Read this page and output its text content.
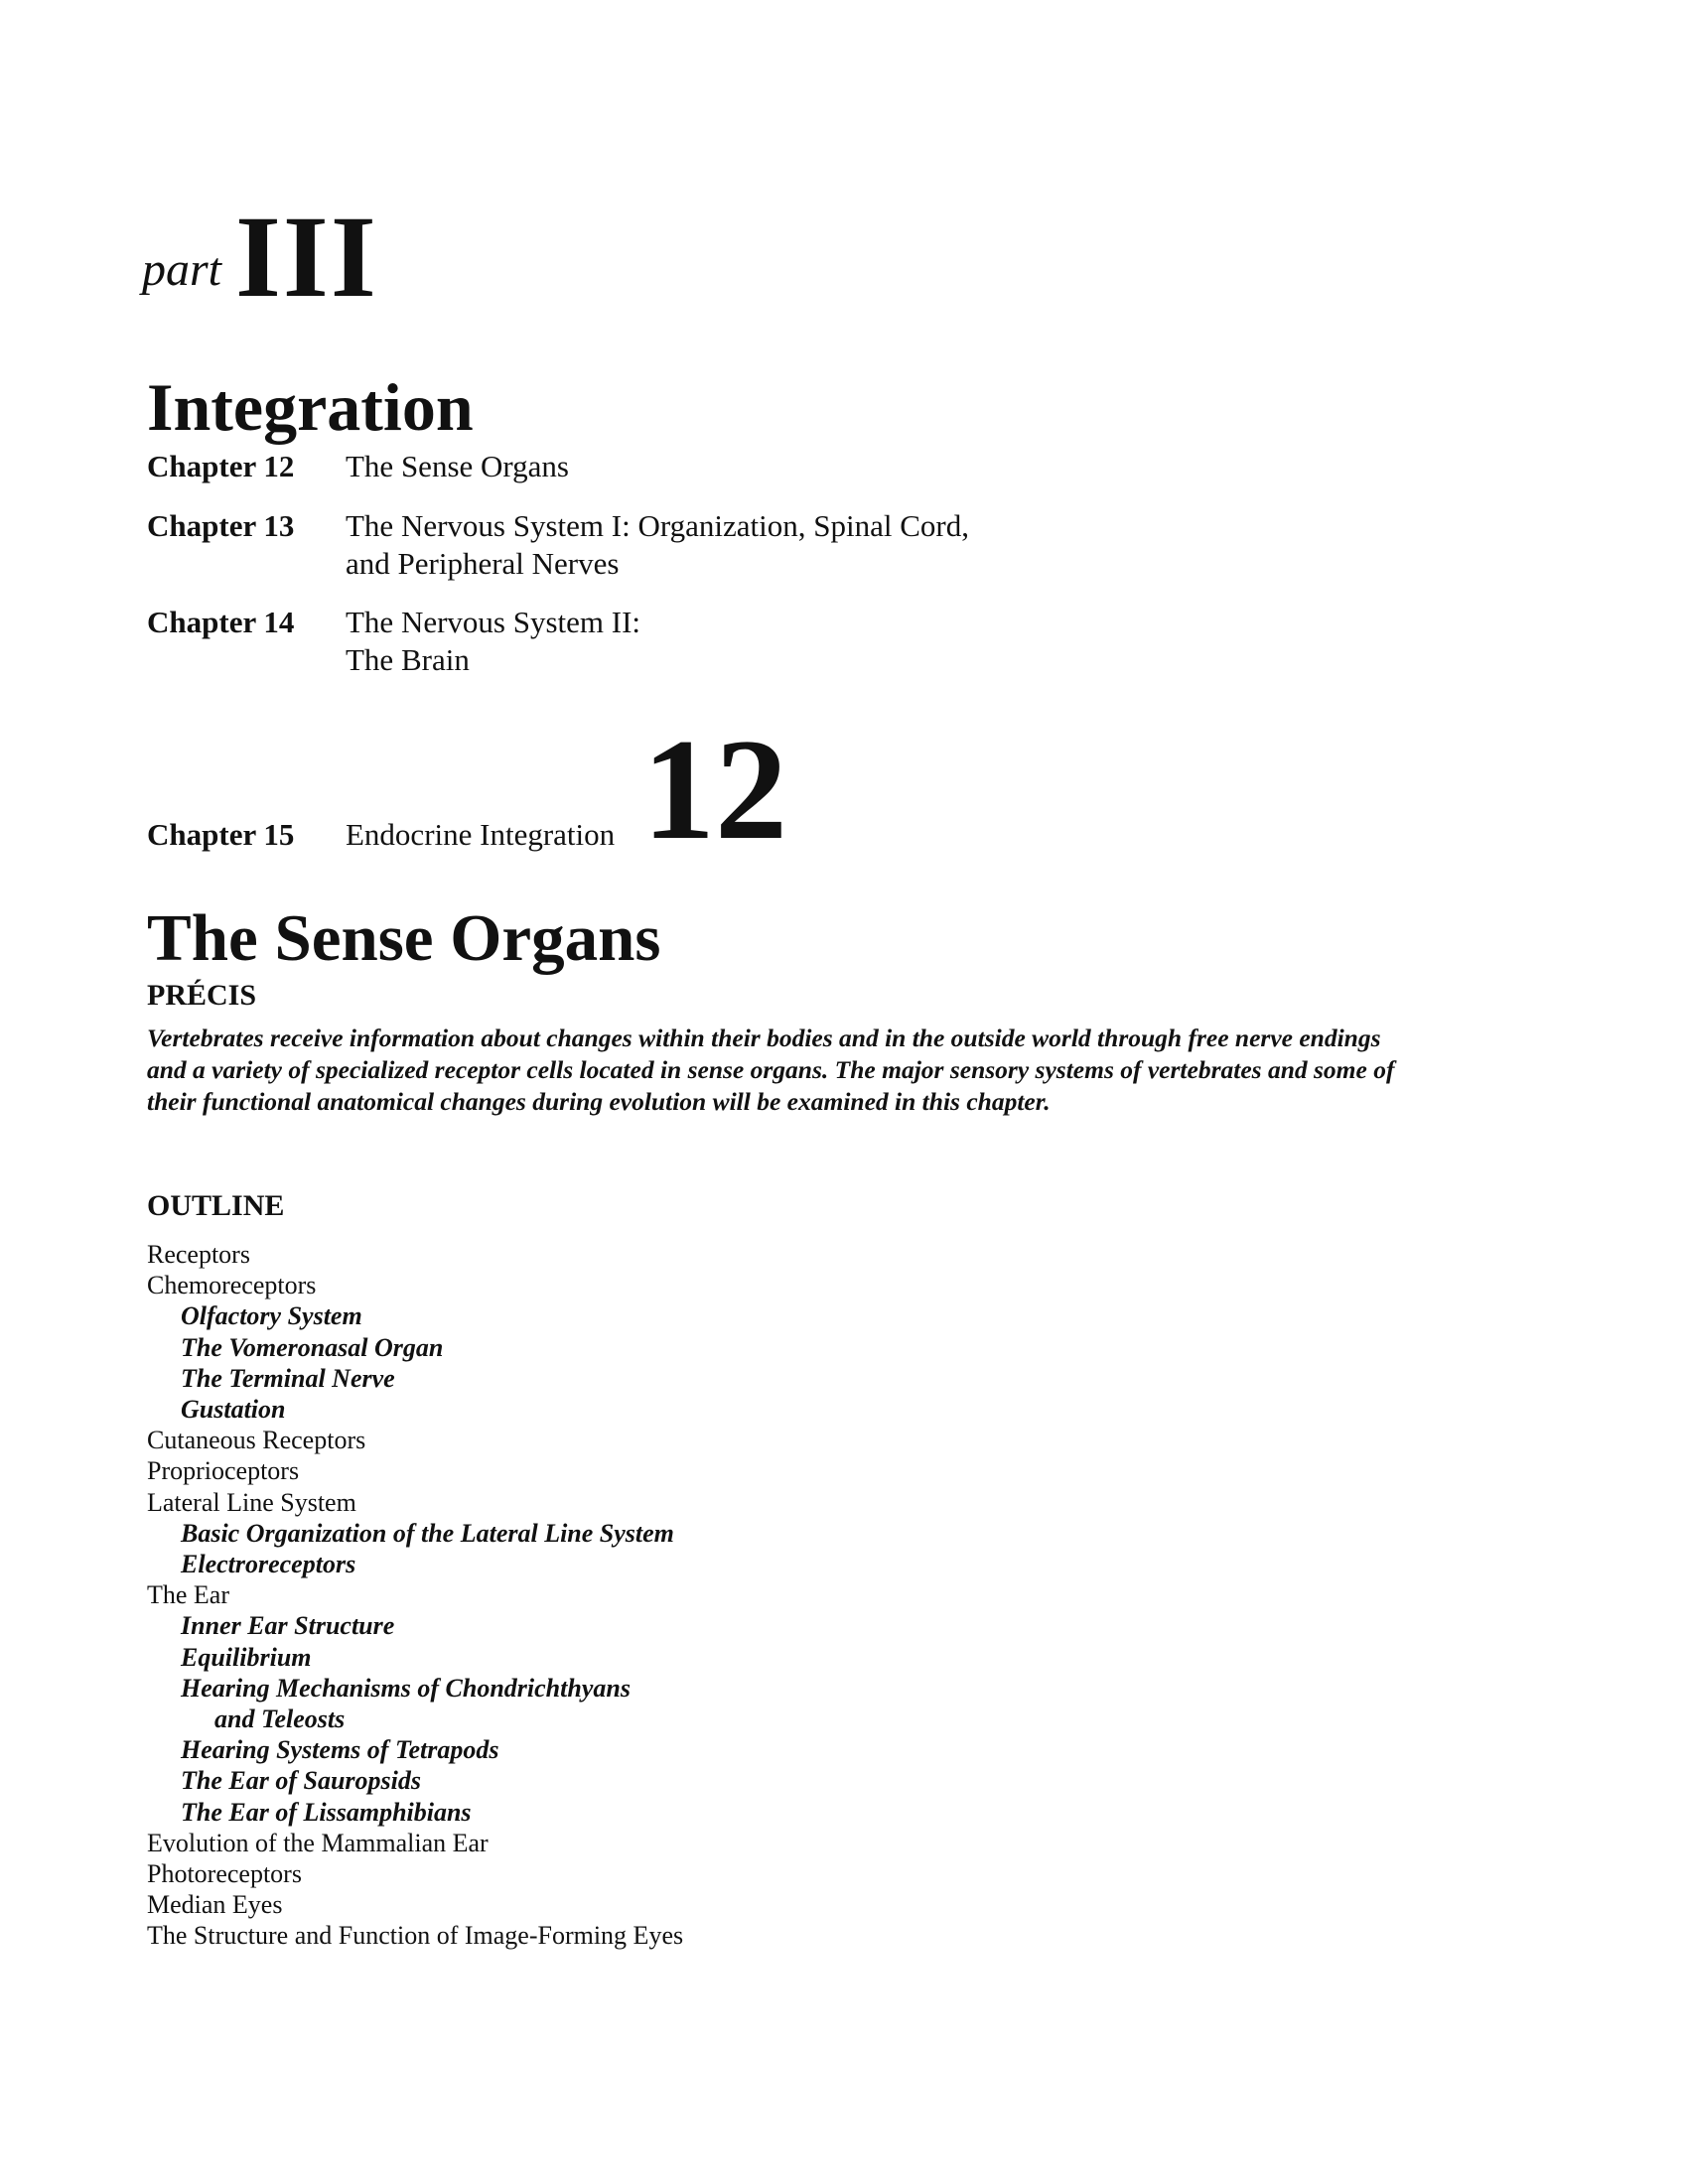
part III
Integration
Chapter 12 The Sense Organs
Chapter 13 The Nervous System I: Organization, Spinal Cord,
and Peripheral Nerves
Chapter 14 The Nervous System II:
The Brain
Chapter 15 Endocrine Integration 12
The Sense Organs
PRÉCIS
Vertebrates receive information about changes within their bodies and in the outside world through free nerve endings
and a variety of specialized receptor cells located in sense organs. The major sensory systems of vertebrates and some of
their functional anatomical changes during evolution will be examined in this chapter.
OUTLINE
Receptors
Chemoreceptors
Olfactory System
The Vomeronasal Organ
The Terminal Nerve
Gustation
Cutaneous Receptors
Proprioceptors
Lateral Line System
Basic Organization of the Lateral Line System
Electroreceptors
The Ear
Inner Ear Structure
Equilibrium
Hearing Mechanisms of Chondrichthyans
and Teleosts
Hearing Systems of Tetrapods
The Ear of Sauropsids
The Ear of Lissamphibians
Evolution of the Mammalian Ear
Photoreceptors
Median Eyes
The Structure and Function of Image-Forming Eyes
